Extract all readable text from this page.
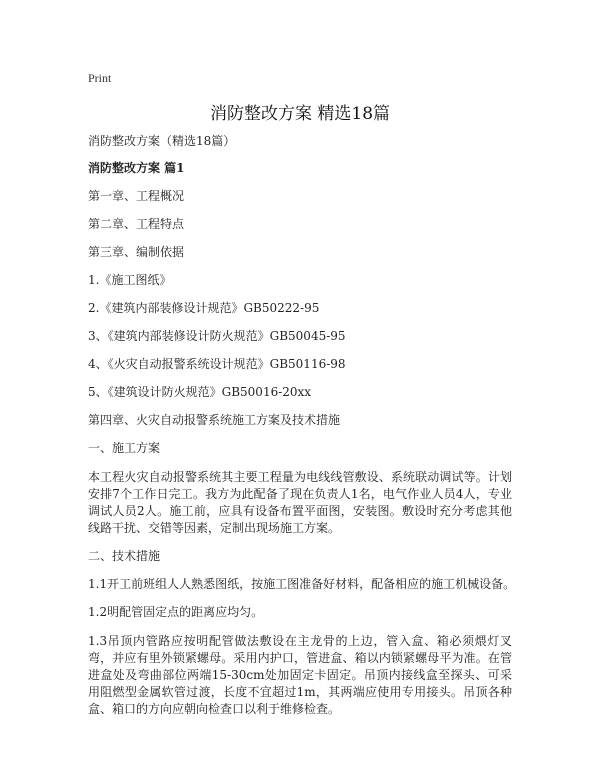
Print
消防整改方案 精选18篇

消防整改方案（精选18篇）

消防整改方案 篇1

第一章、工程概况

第二章、工程特点

第三章、编制依据

1.《施工图纸》

2.《建筑内部装修设计规范》GB50222-95

3、《建筑内部装修设计防火规范》GB50045-95

4、《火灾自动报警系统设计规范》GB50116-98

5、《建筑设计防火规范》GB50016-20xx

第四章、火灾自动报警系统施工方案及技术措施

一、施工方案

本工程火灾自动报警系统其主要工程量为电线线管敷设、系统联动调试等。计划安排7个工作日完工。我方为此配备了现在负责人1名，电气作业人员4人，专业调试人员2人。施工前，应具有设备布置平面图，安装图。敷设时充分考虑其他线路干扰、交错等因素，定制出现场施工方案。

二、技术措施

1.1开工前班组人人熟悉图纸，按施工图准备好材料，配备相应的施工机械设备。

1.2明配管固定点的距离应均匀。

1.3吊顶内管路应按明配管做法敷设在主龙骨的上边，管入盒、箱必须煨灯叉弯，并应有里外锁紧螺母。采用内护口，管进盒、箱以内锁紧螺母平为准。在管进盒处及弯曲部位两端15-30cm处加固定卡固定。吊顶内接线盒至探头、可采用阻燃型金属软管过渡，长度不宜超过1m，其两端应使用专用接头。吊顶各种盒、箱口的方向应朝向检查口以利于维修检查。
